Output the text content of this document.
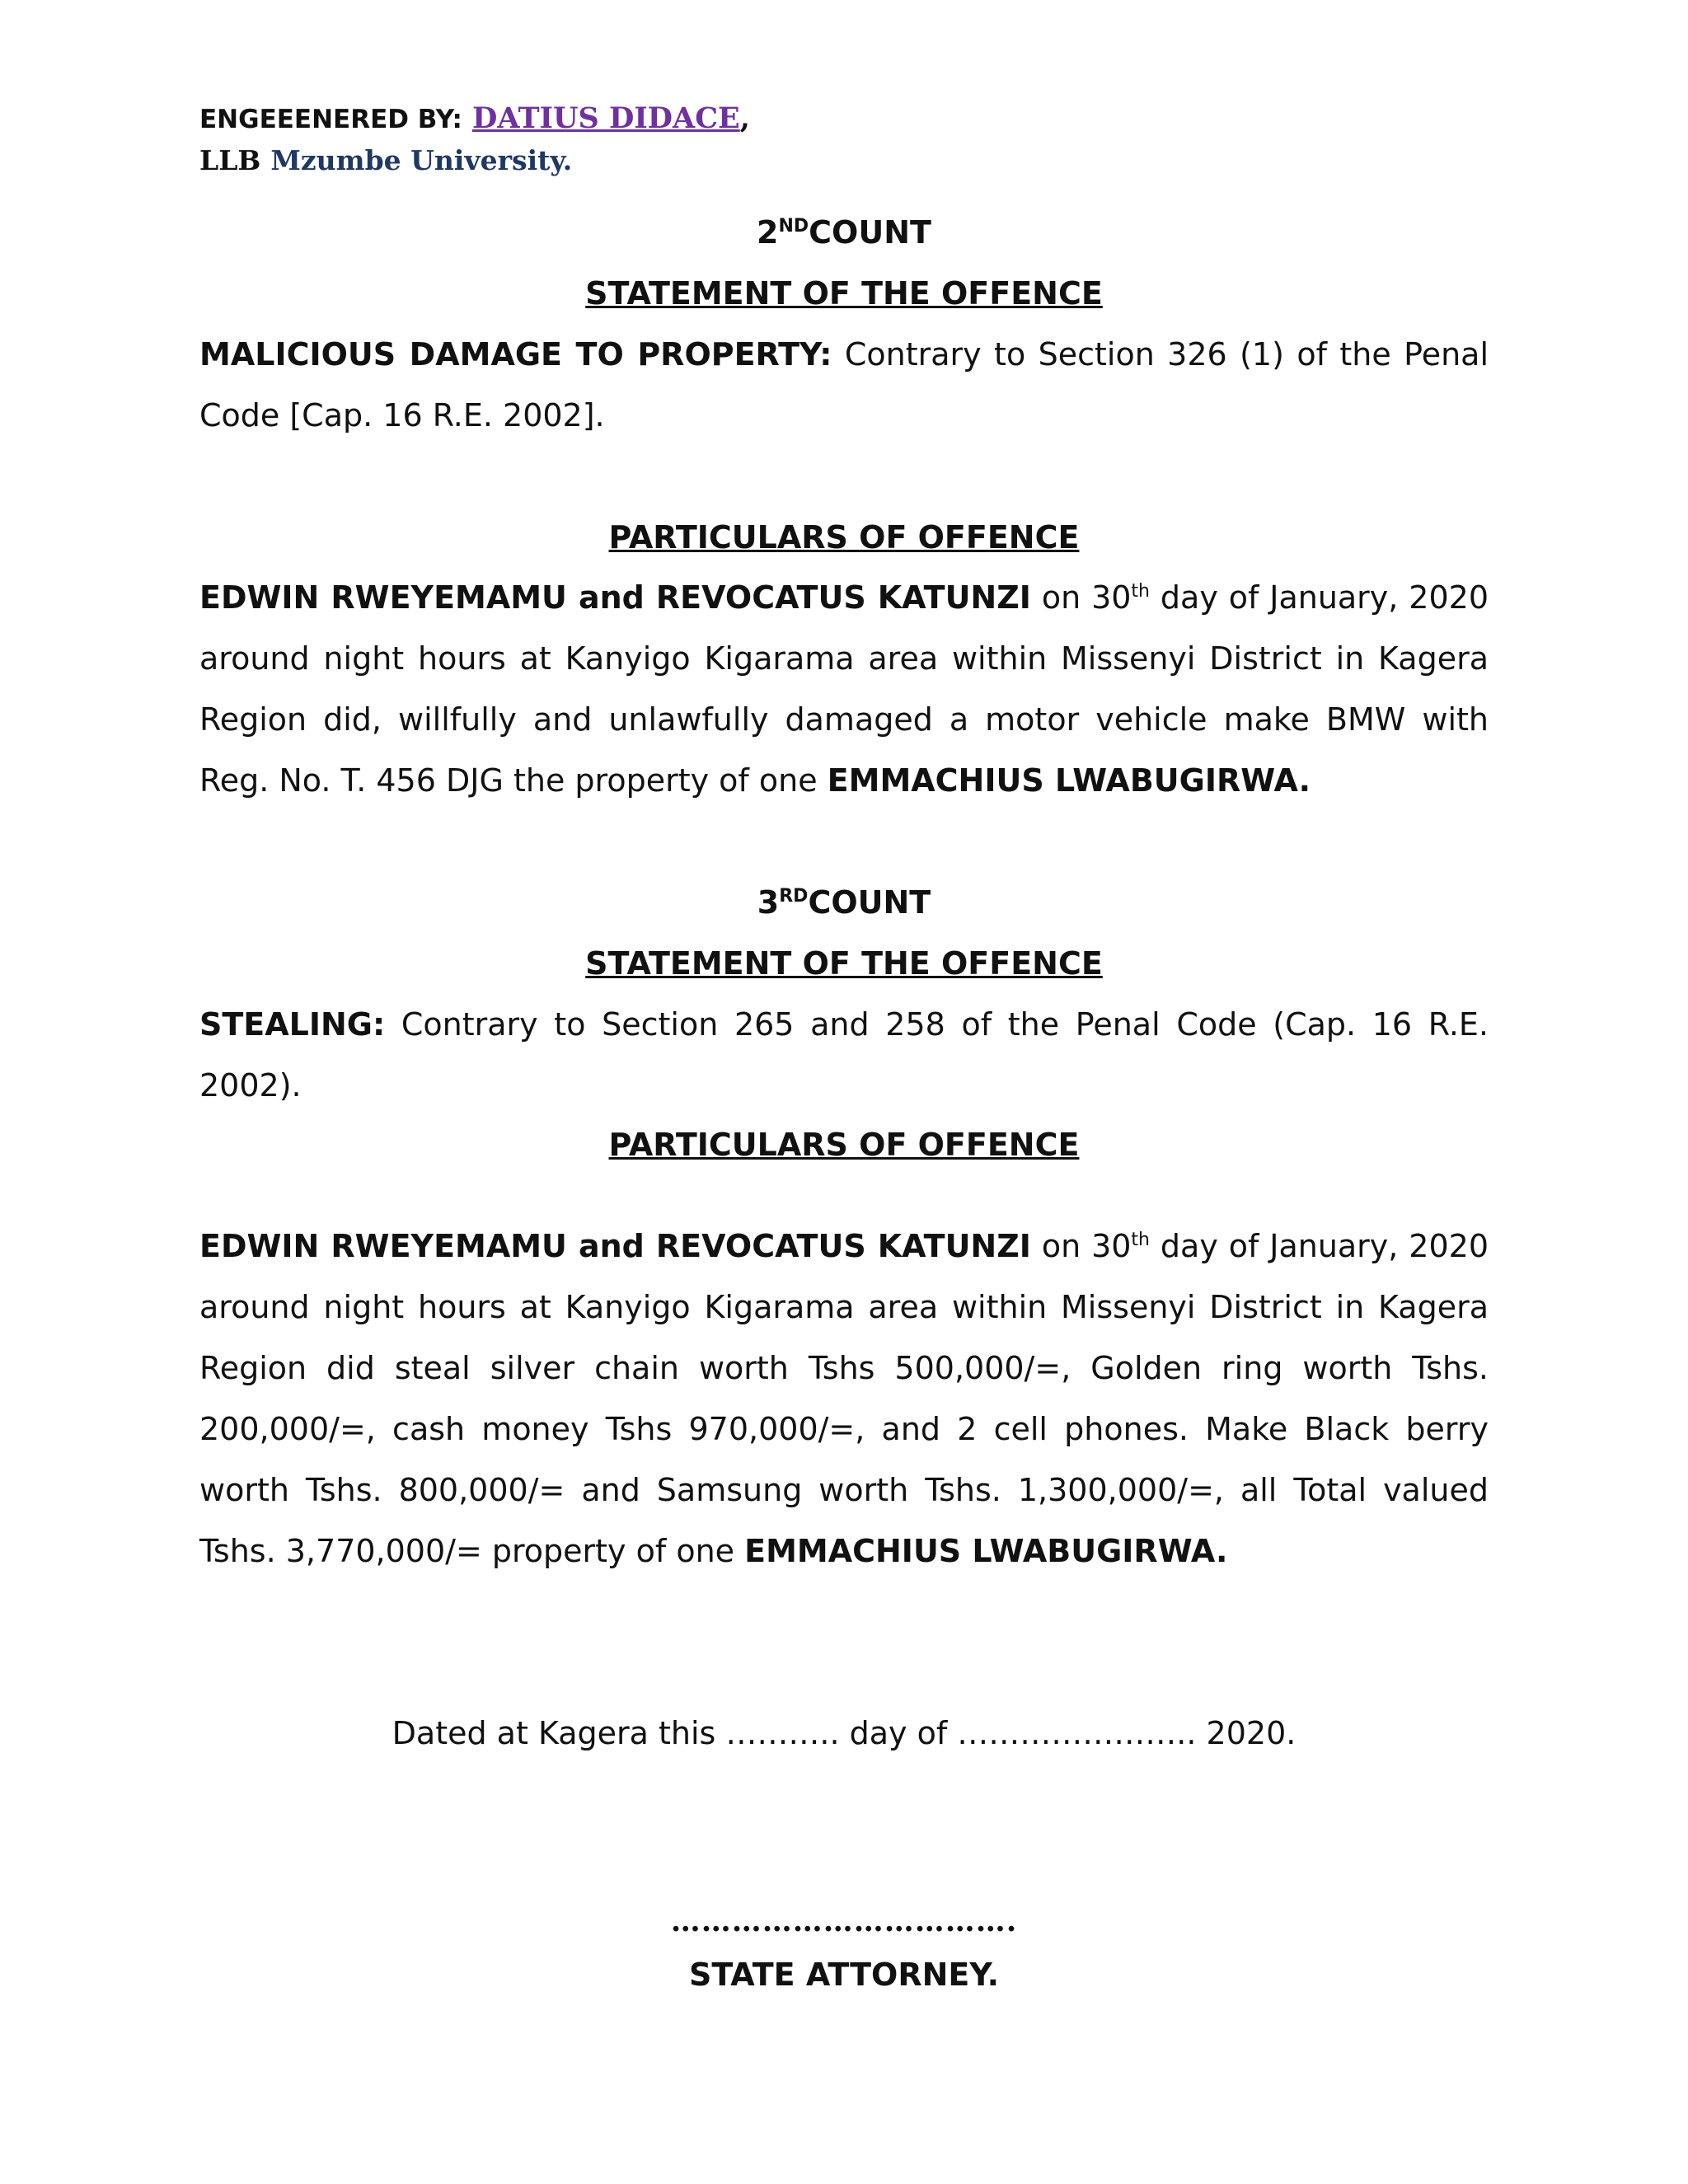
ENGEEENERED BY: DATIUS DIDACE,
LLB Mzumbe University.
2NDCOUNT
STATEMENT OF THE OFFENCE
MALICIOUS DAMAGE TO PROPERTY: Contrary to Section 326 (1) of the Penal Code [Cap. 16 R.E. 2002].
PARTICULARS OF OFFENCE
EDWIN RWEYEMAMU and REVOCATUS KATUNZI on 30th day of January, 2020 around night hours at Kanyigo Kigarama area within Missenyi District in Kagera Region did, willfully and unlawfully damaged a motor vehicle make BMW with Reg. No. T. 456 DJG the property of one EMMACHIUS LWABUGIRWA.
3RDCOUNT
STATEMENT OF THE OFFENCE
STEALING: Contrary to Section 265 and 258 of the Penal Code (Cap. 16 R.E. 2002).
PARTICULARS OF OFFENCE
EDWIN RWEYEMAMU and REVOCATUS KATUNZI on 30th day of January, 2020 around night hours at Kanyigo Kigarama area within Missenyi District in Kagera Region did steal silver chain worth Tshs 500,000/=, Golden ring worth Tshs. 200,000/=, cash money Tshs 970,000/=, and 2 cell phones. Make Black berry worth Tshs. 800,000/= and Samsung worth Tshs. 1,300,000/=, all Total valued Tshs. 3,770,000/= property of one EMMACHIUS LWABUGIRWA.
Dated at Kagera this ……….. day of ………………….. 2020.
…………………………….
STATE ATTORNEY.
